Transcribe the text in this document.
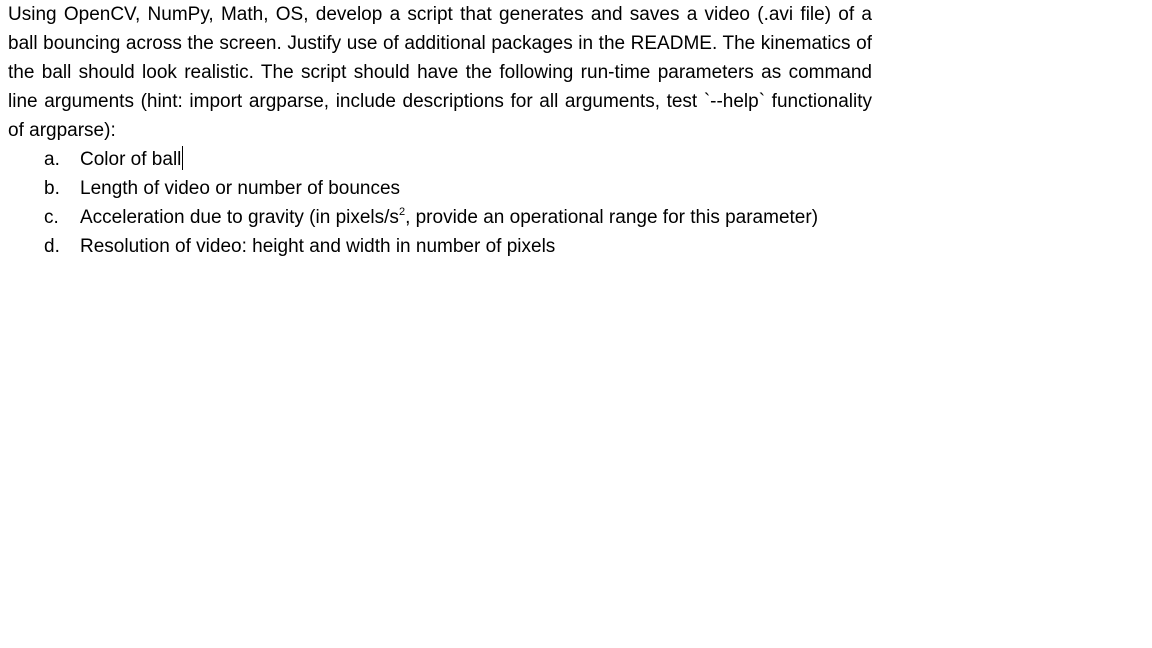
Using OpenCV, NumPy, Math, OS, develop a script that generates and saves a video (.avi file) of a ball bouncing across the screen. Justify use of additional packages in the README. The kinematics of the ball should look realistic. The script should have the following run-time parameters as command line arguments (hint: import argparse, include descriptions for all arguments, test `--help` functionality of argparse):

a. Color of ball
b. Length of video or number of bounces
c. Acceleration due to gravity (in pixels/$s^2$, provide an operational range for this parameter)
d. Resolution of video: height and width in number of pixels
